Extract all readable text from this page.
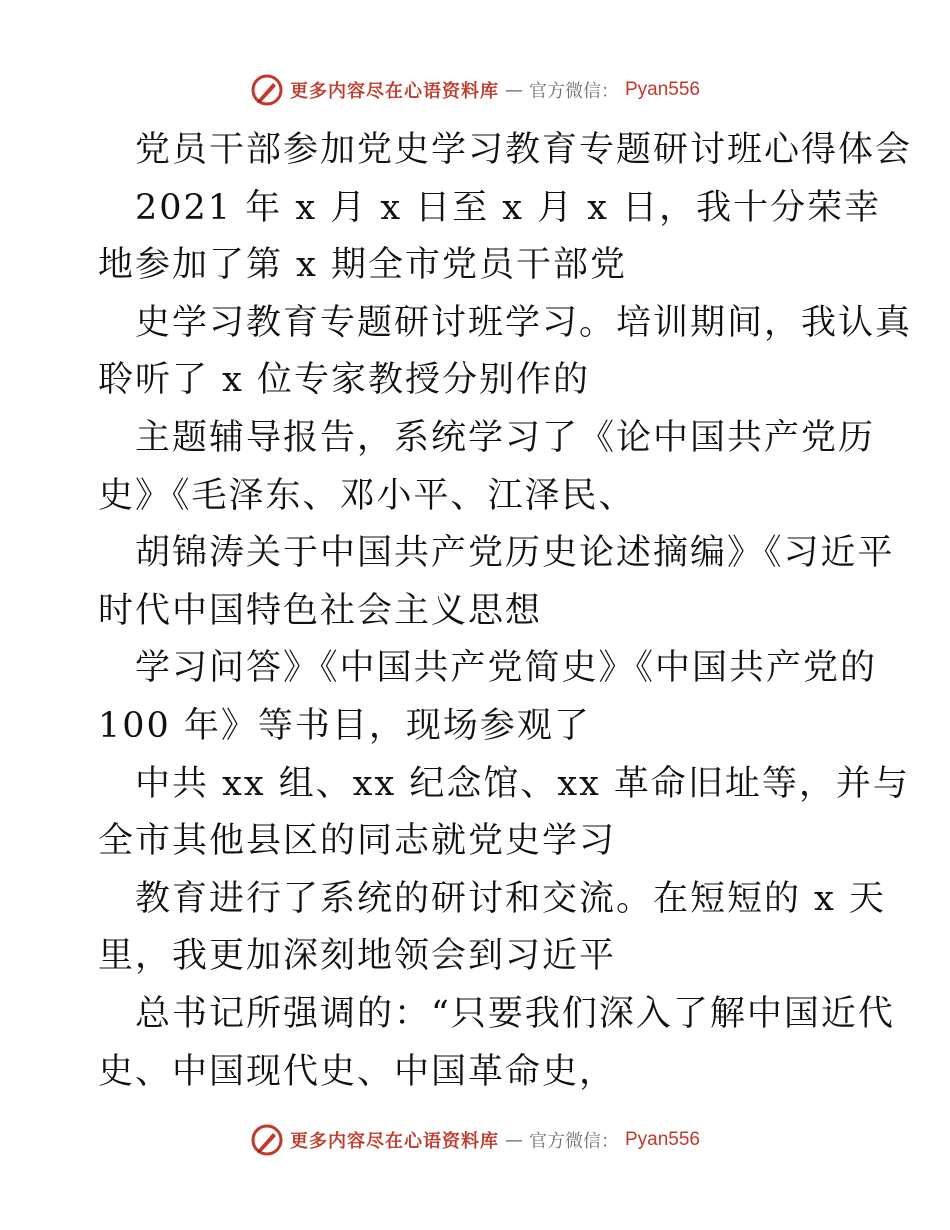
更多内容尽在心语资料库 — 官方微信： Pyan556
党员干部参加党史学习教育专题研讨班心得体会
2021 年 x 月 x 日至 x 月 x 日，我十分荣幸
地参加了第 x 期全市党员干部党
史学习教育专题研讨班学习。培训期间，我认真
聆听了 x 位专家教授分别作的
主题辅导报告，系统学习了《论中国共产党历
史》《毛泽东、邓小平、江泽民、
胡锦涛关于中国共产党历史论述摘编》《习近平
时代中国特色社会主义思想
学习问答》《中国共产党简史》《中国共产党的
100 年》等书目，现场参观了
中共 xx 组、xx 纪念馆、xx 革命旧址等，并与
全市其他县区的同志就党史学习
教育进行了系统的研讨和交流。在短短的 x 天
里，我更加深刻地领会到习近平
总书记所强调的：“只要我们深入了解中国近代
史、中国现代史、中国革命史，
更多内容尽在心语资料库 — 官方微信： Pyan556
